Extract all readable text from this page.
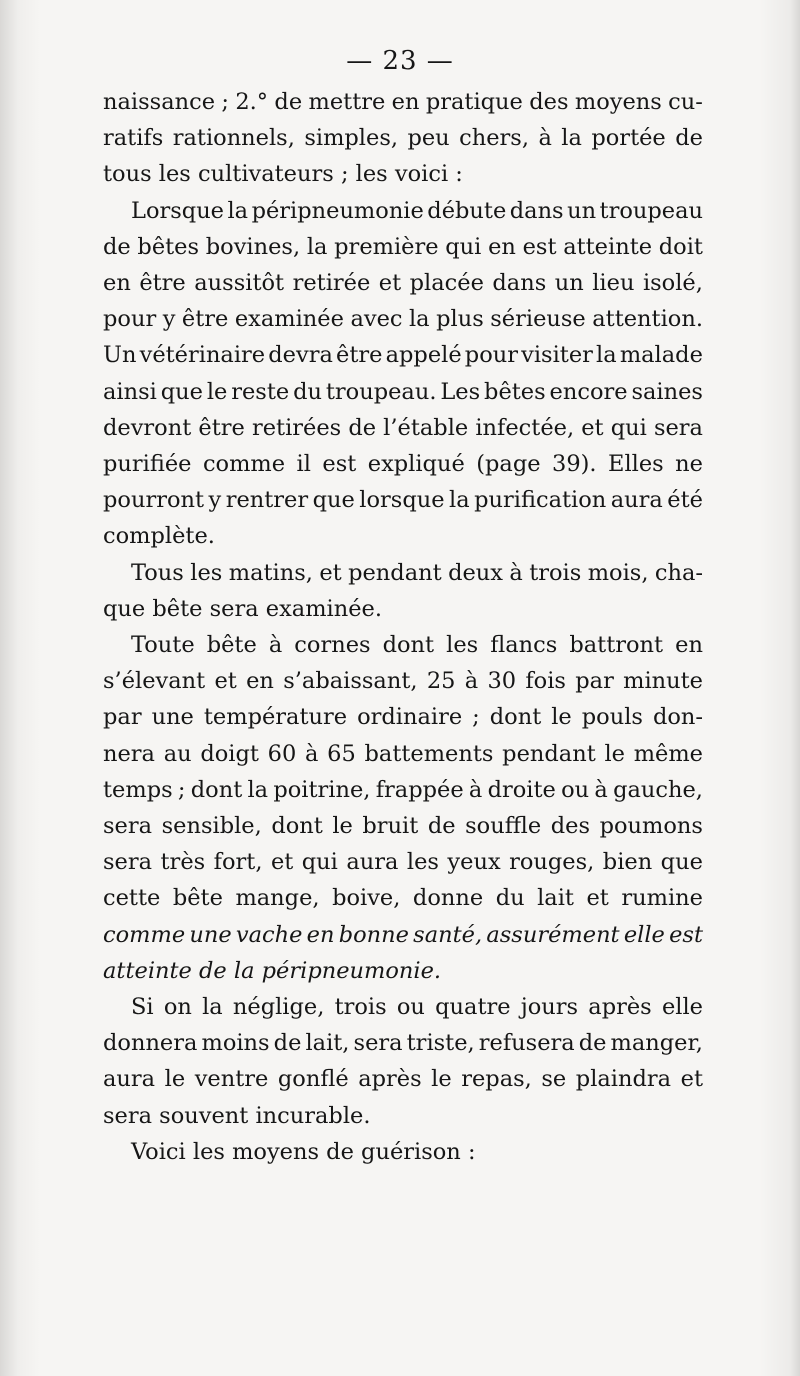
— 23 —
naissance ; 2.° de mettre en pratique des moyens cu-
ratifs rationnels, simples, peu chers, à la portée de
tous les cultivateurs ; les voici :
Lorsque la péripneumonie débute dans un troupeau
de bêtes bovines, la première qui en est atteinte doit
en être aussitôt retirée et placée dans un lieu isolé,
pour y être examinée avec la plus sérieuse attention.
Un vétérinaire devra être appelé pour visiter la malade
ainsi que le reste du troupeau. Les bêtes encore saines
devront être retirées de l’étable infectée, et qui sera
purifiée comme il est expliqué (page 39). Elles ne
pourront y rentrer que lorsque la purification aura été
complète.
Tous les matins, et pendant deux à trois mois, cha-
que bête sera examinée.
Toute bête à cornes dont les flancs battront en
s’élevant et en s’abaissant, 25 à 30 fois par minute
par une température ordinaire ; dont le pouls don-
nera au doigt 60 à 65 battements pendant le même
temps ; dont la poitrine, frappée à droite ou à gauche,
sera sensible, dont le bruit de souffle des poumons
sera très fort, et qui aura les yeux rouges, bien que
cette bête mange, boive, donne du lait et rumine
comme une vache en bonne santé, assurément elle est
atteinte de la péripneumonie.
Si on la néglige, trois ou quatre jours après elle
donnera moins de lait, sera triste, refusera de manger,
aura le ventre gonflé après le repas, se plaindra et
sera souvent incurable.
Voici les moyens de guérison :
